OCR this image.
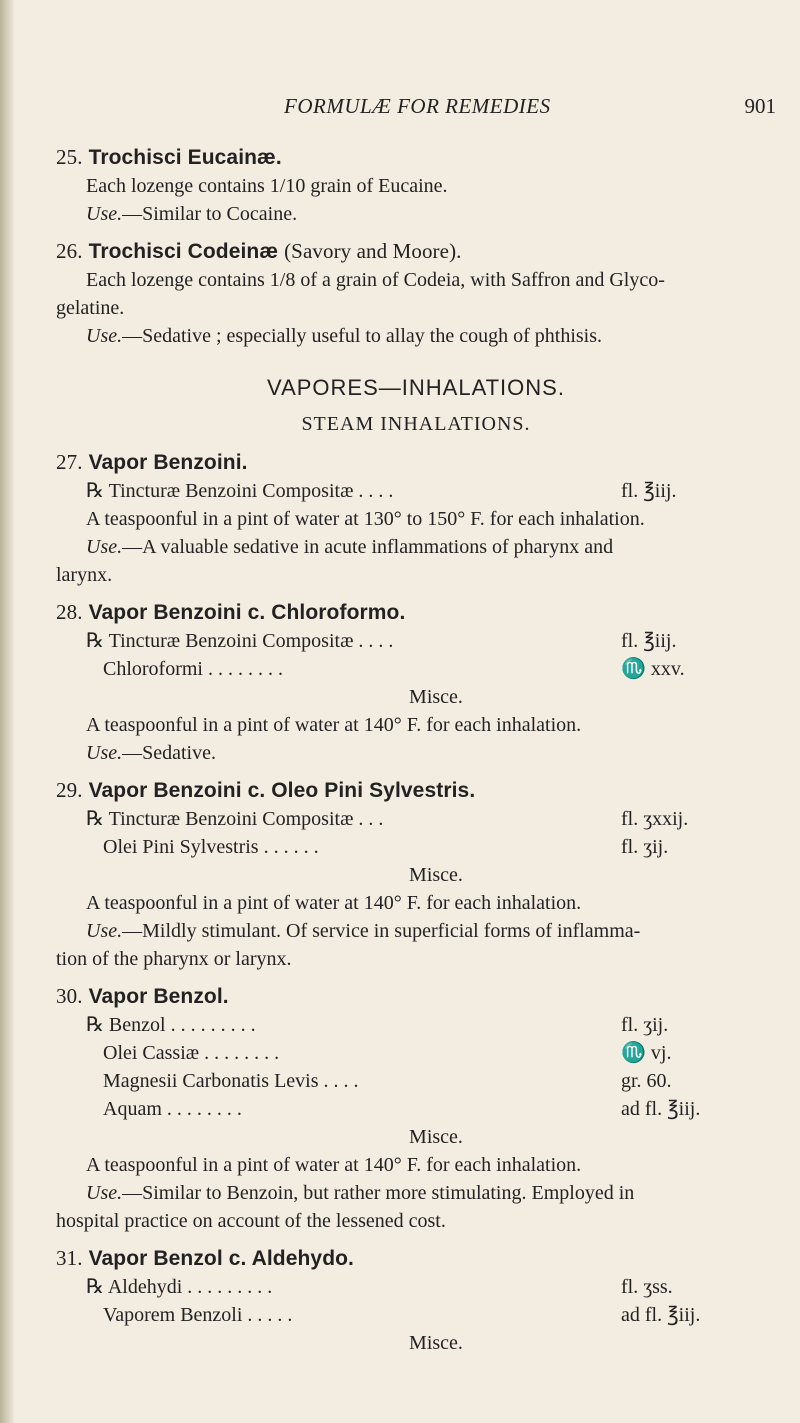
FORMULÆ FOR REMEDIES	901
25. Trochisci Eucainæ.
Each lozenge contains 1/10 grain of Eucaine.
Use.—Similar to Cocaine.
26. Trochisci Codeinæ (Savory and Moore).
Each lozenge contains 1/8 of a grain of Codeia, with Saffron and Glyco-
gelatine.
Use.—Sedative ; especially useful to allay the cough of phthisis.
VAPORES—INHALATIONS.
STEAM INHALATIONS.
27. Vapor Benzoini.
℞ Tincturæ Benzoini Compositæ . . . .	fl. ℥iij.
A teaspoonful in a pint of water at 130° to 150° F. for each inhalation.
Use.—A valuable sedative in acute inflammations of pharynx and
larynx.
28. Vapor Benzoini c. Chloroformo.
℞ Tincturæ Benzoini Compositæ . . . .	fl. ℥iij.
Chloroformi . . . . . . . .	♏ xxv.
Misce.
A teaspoonful in a pint of water at 140° F. for each inhalation.
Use.—Sedative.
29. Vapor Benzoini c. Oleo Pini Sylvestris.
℞ Tincturæ Benzoini Compositæ . . .	fl. ʒxxij.
Olei Pini Sylvestris . . . . . .	fl. ʒij.
Misce.
A teaspoonful in a pint of water at 140° F. for each inhalation.
Use.—Mildly stimulant. Of service in superficial forms of inflamma-
tion of the pharynx or larynx.
30. Vapor Benzol.
℞ Benzol . . . . . . . . .	fl. ʒij.
Olei Cassiæ . . . . . . . .	♏ vj.
Magnesii Carbonatis Levis . . . .	gr. 60.
Aquam . . . . . . . .	ad fl. ℥iij.
Misce.
A teaspoonful in a pint of water at 140° F. for each inhalation.
Use.—Similar to Benzoin, but rather more stimulating. Employed in
hospital practice on account of the lessened cost.
31. Vapor Benzol c. Aldehydo.
℞ Aldehydi . . . . . . . . .	fl. ʒss.
Vaporem Benzoli . . . . .	ad fl. ℥iij.
Misce.
